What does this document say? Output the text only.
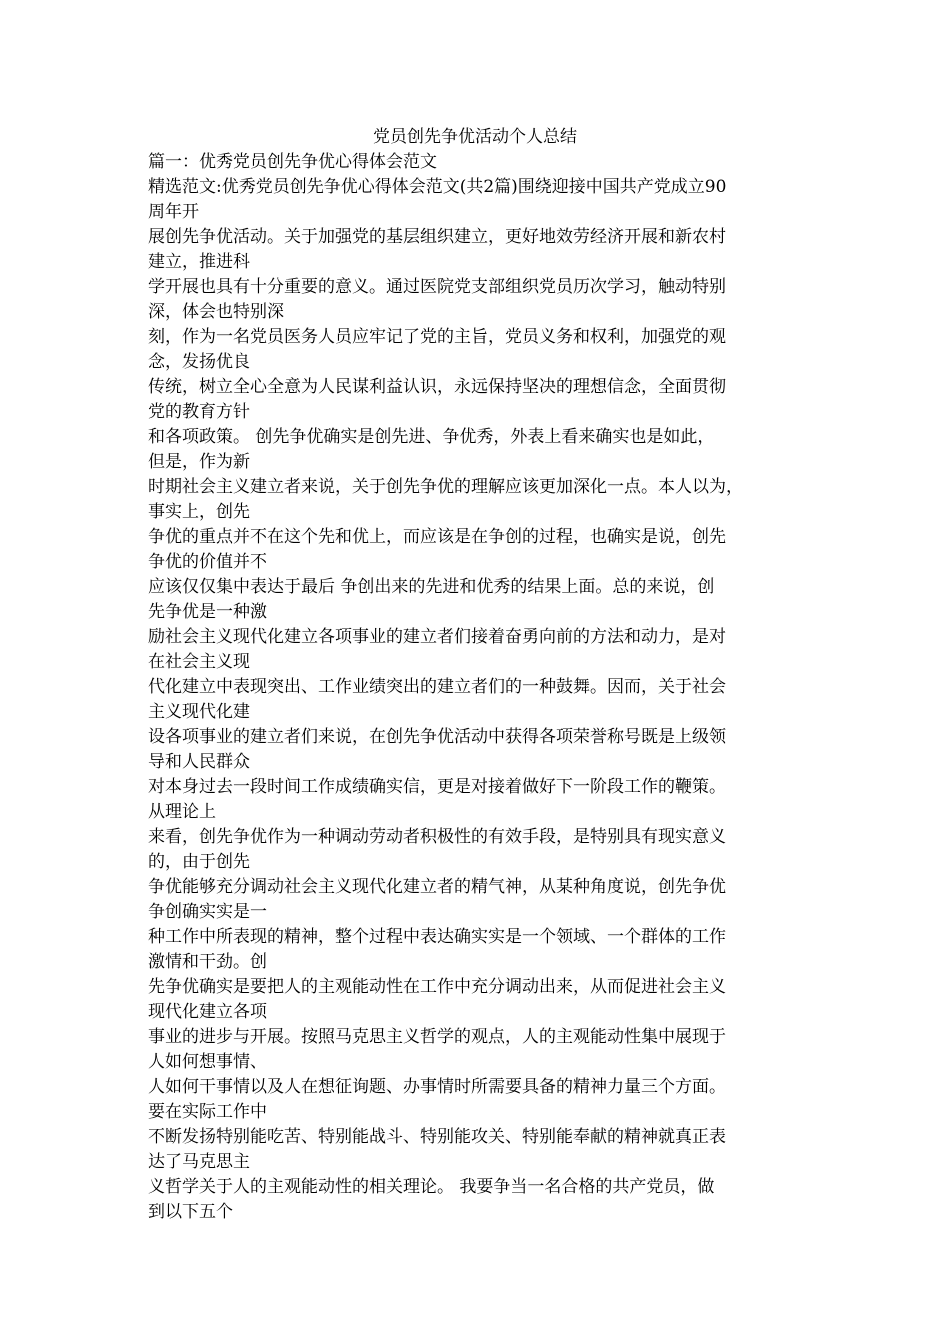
党员创先争优活动个人总结
篇一：优秀党员创先争优心得体会范文
精选范文:优秀党员创先争优心得体会范文(共2篇)围绕迎接中国共产党成立90
周年开
展创先争优活动。关于加强党的基层组织建立，更好地效劳经济开展和新农村
建立，推进科
学开展也具有十分重要的意义。通过医院党支部组织党员历次学习，触动特别
深，体会也特别深
刻，作为一名党员医务人员应牢记了党的主旨，党员义务和权利，加强党的观
念，发扬优良
传统，树立全心全意为人民谋利益认识，永远保持坚决的理想信念，全面贯彻
党的教育方针
和各项政策。 创先争优确实是创先进、争优秀，外表上看来确实也是如此，
但是，作为新
时期社会主义建立者来说，关于创先争优的理解应该更加深化一点。本人以为，
事实上，创先
争优的重点并不在这个先和优上，而应该是在争创的过程，也确实是说，创先
争优的价值并不
应该仅仅集中表达于最后 争创出来的先进和优秀的结果上面。总的来说，创
先争优是一种激
励社会主义现代化建立各项事业的建立者们接着奋勇向前的方法和动力，是对
在社会主义现
代化建立中表现突出、工作业绩突出的建立者们的一种鼓舞。因而，关于社会
主义现代化建
设各项事业的建立者们来说，在创先争优活动中获得各项荣誉称号既是上级领
导和人民群众
对本身过去一段时间工作成绩确实信，更是对接着做好下一阶段工作的鞭策。
从理论上
来看，创先争优作为一种调动劳动者积极性的有效手段，是特别具有现实意义
的，由于创先
争优能够充分调动社会主义现代化建立者的精气神，从某种角度说，创先争优
争创确实实是一
种工作中所表现的精神，整个过程中表达确实实是一个领域、一个群体的工作
激情和干劲。创
先争优确实是要把人的主观能动性在工作中充分调动出来，从而促进社会主义
现代化建立各项
事业的进步与开展。按照马克思主义哲学的观点，人的主观能动性集中展现于
人如何想事情、
人如何干事情以及人在想征询题、办事情时所需要具备的精神力量三个方面。
要在实际工作中
不断发扬特别能吃苦、特别能战斗、特别能攻关、特别能奉献的精神就真正表
达了马克思主
义哲学关于人的主观能动性的相关理论。 我要争当一名合格的共产党员，做
到以下五个
